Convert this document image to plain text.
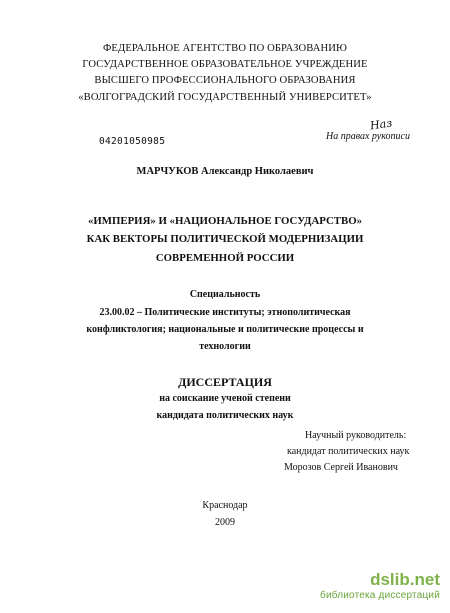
ФЕДЕРАЛЬНОЕ АГЕНТСТВО ПО ОБРАЗОВАНИЮ
ГОСУДАРСТВЕННОЕ ОБРАЗОВАТЕЛЬНОЕ УЧРЕЖДЕНИЕ
ВЫСШЕГО ПРОФЕССИОНАЛЬНОГО ОБРАЗОВАНИЯ
«ВОЛГОГРАДСКИЙ ГОСУДАРСТВЕННЫЙ УНИВЕРСИТЕТ»
Наз
На правах рукописи
04201050985
МАРЧУКОВ Александр Николаевич
«ИМПЕРИЯ» И «НАЦИОНАЛЬНОЕ ГОСУДАРСТВО»
КАК ВЕКТОРЫ ПОЛИТИЧЕСКОЙ МОДЕРНИЗАЦИИ
СОВРЕМЕННОЙ РОССИИ
Специальность
23.00.02 – Политические институты; этнополитическая
конфликтология; национальные и политические процессы и
технологии
ДИССЕРТАЦИЯ
на соискание ученой степени
кандидата политических наук
Научный руководитель:
кандидат политических наук
Морозов Сергей Иванович
Краснодар
2009
dslib.net
библиотека диссертаций
